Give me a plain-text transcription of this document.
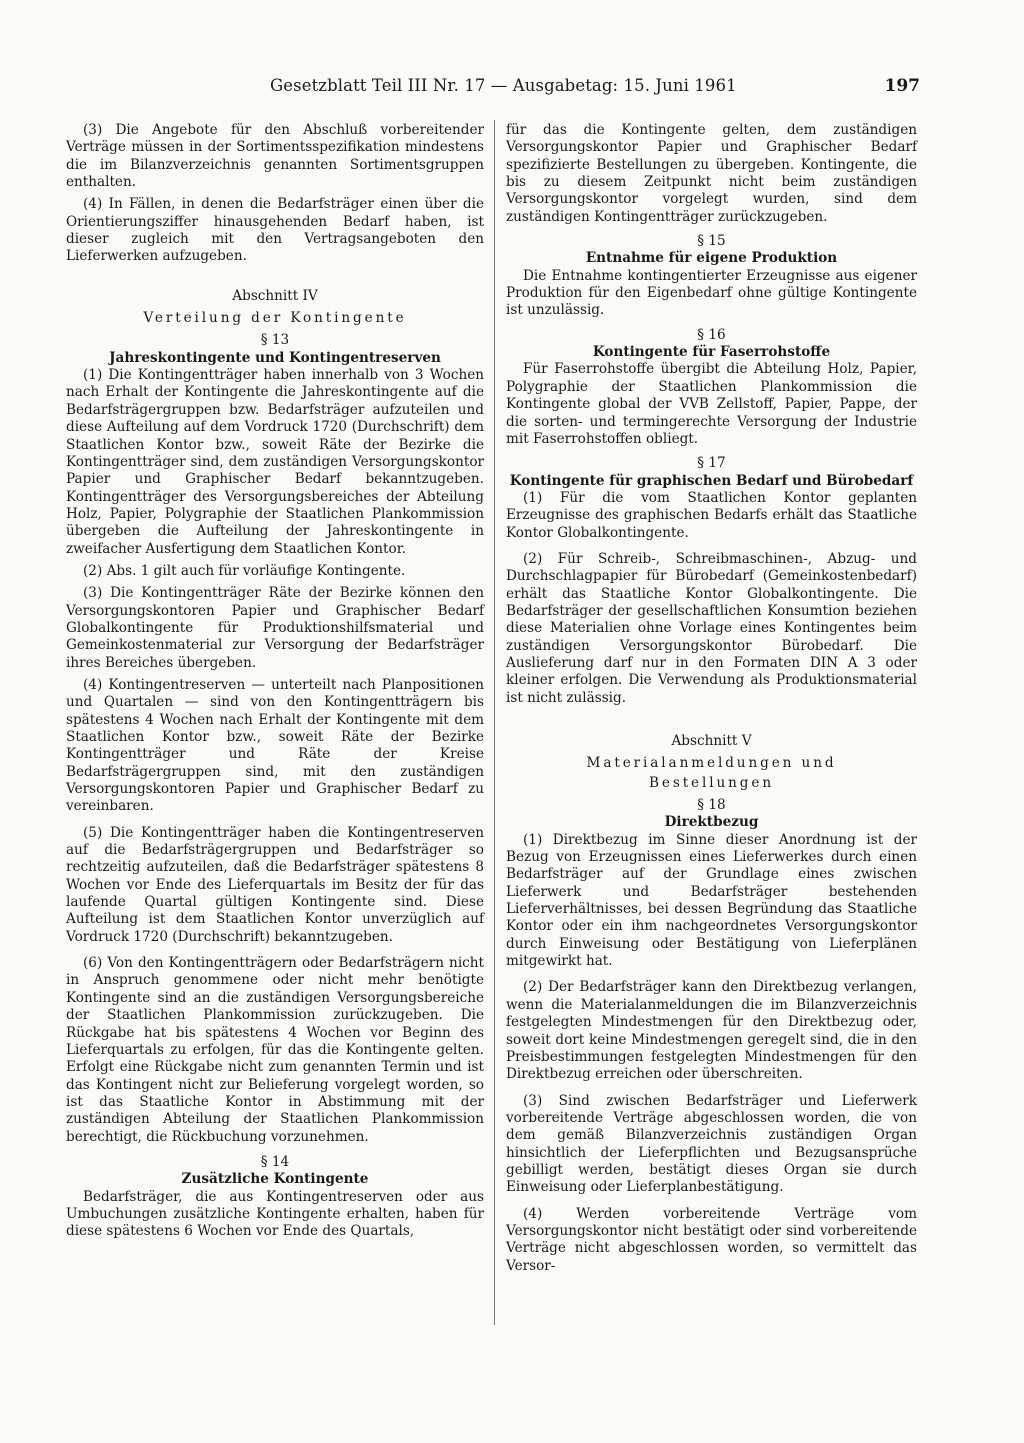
Gesetzblatt Teil III Nr. 17 — Ausgabetag: 15. Juni 1961	197

(3) Die Angebote für den Abschluß vorbereitender Verträge müssen in der Sortimentsspezifikation mindestens die im Bilanzverzeichnis genannten Sortimentsgruppen enthalten.

(4) In Fällen, in denen die Bedarfsträger einen über die Orientierungsziffer hinausgehenden Bedarf haben, ist dieser zugleich mit den Vertragsangeboten den Lieferwerken aufzugeben.

Abschnitt IV

Verteilung der Kontingente

§ 13

Jahreskontingente und Kontingentreserven

(1) Die Kontingentträger haben innerhalb von 3 Wochen nach Erhalt der Kontingente die Jahreskontingente auf die Bedarfsträgergruppen bzw. Bedarfsträger aufzuteilen und diese Aufteilung auf dem Vordruck 1720 (Durchschrift) dem Staatlichen Kontor bzw., soweit Räte der Bezirke die Kontingentträger sind, dem zuständigen Versorgungskontor Papier und Graphischer Bedarf bekanntzugeben. Kontingentträger des Versorgungsbereiches der Abteilung Holz, Papier, Polygraphie der Staatlichen Plankommission übergeben die Aufteilung der Jahreskontingente in zweifacher Ausfertigung dem Staatlichen Kontor.

(2) Abs. 1 gilt auch für vorläufige Kontingente.

(3) Die Kontingentträger Räte der Bezirke können den Versorgungskontoren Papier und Graphischer Bedarf Globalkontingente für Produktionshilfsmaterial und Gemeinkostenmaterial zur Versorgung der Bedarfsträger ihres Bereiches übergeben.

(4) Kontingentreserven — unterteilt nach Planpositionen und Quartalen — sind von den Kontingentträgern bis spätestens 4 Wochen nach Erhalt der Kontingente mit dem Staatlichen Kontor bzw., soweit Räte der Bezirke Kontingentträger und Räte der Kreise Bedarfsträgergruppen sind, mit den zuständigen Versorgungskontoren Papier und Graphischer Bedarf zu vereinbaren.

(5) Die Kontingentträger haben die Kontingentreserven auf die Bedarfsträgergruppen und Bedarfsträger so rechtzeitig aufzuteilen, daß die Bedarfsträger spätestens 8 Wochen vor Ende des Lieferquartals im Besitz der für das laufende Quartal gültigen Kontingente sind. Diese Aufteilung ist dem Staatlichen Kontor unverzüglich auf Vordruck 1720 (Durchschrift) bekanntzugeben.

(6) Von den Kontingentträgern oder Bedarfsträgern nicht in Anspruch genommene oder nicht mehr benötigte Kontingente sind an die zuständigen Versorgungsbereiche der Staatlichen Plankommission zurückzugeben. Die Rückgabe hat bis spätestens 4 Wochen vor Beginn des Lieferquartals zu erfolgen, für das die Kontingente gelten. Erfolgt eine Rückgabe nicht zum genannten Termin und ist das Kontingent nicht zur Belieferung vorgelegt worden, so ist das Staatliche Kontor in Abstimmung mit der zuständigen Abteilung der Staatlichen Plankommission berechtigt, die Rückbuchung vorzunehmen.

§ 14

Zusätzliche Kontingente

Bedarfsträger, die aus Kontingentreserven oder aus Umbuchungen zusätzliche Kontingente erhalten, haben für diese spätestens 6 Wochen vor Ende des Quartals,

für das die Kontingente gelten, dem zuständigen Versorgungskontor Papier und Graphischer Bedarf spezifizierte Bestellungen zu übergeben. Kontingente, die bis zu diesem Zeitpunkt nicht beim zuständigen Versorgungskontor vorgelegt wurden, sind dem zuständigen Kontingentträger zurückzugeben.

§ 15

Entnahme für eigene Produktion

Die Entnahme kontingentierter Erzeugnisse aus eigener Produktion für den Eigenbedarf ohne gültige Kontingente ist unzulässig.

§ 16

Kontingente für Faserrohstoffe

Für Faserrohstoffe übergibt die Abteilung Holz, Papier, Polygraphie der Staatlichen Plankommission die Kontingente global der VVB Zellstoff, Papier, Pappe, der die sorten- und termingerechte Versorgung der Industrie mit Faserrohstoffen obliegt.

§ 17

Kontingente für graphischen Bedarf und Bürobedarf

(1) Für die vom Staatlichen Kontor geplanten Erzeugnisse des graphischen Bedarfs erhält das Staatliche Kontor Globalkontingente.

(2) Für Schreib-, Schreibmaschinen-, Abzug- und Durchschlagpapier für Bürobedarf (Gemeinkostenbedarf) erhält das Staatliche Kontor Globalkontingente. Die Bedarfsträger der gesellschaftlichen Konsumtion beziehen diese Materialien ohne Vorlage eines Kontingentes beim zuständigen Versorgungskontor Bürobedarf. Die Auslieferung darf nur in den Formaten DIN A 3 oder kleiner erfolgen. Die Verwendung als Produktionsmaterial ist nicht zulässig.

Abschnitt V

Materialanmeldungen und

Bestellungen

§ 18

Direktbezug

(1) Direktbezug im Sinne dieser Anordnung ist der Bezug von Erzeugnissen eines Lieferwerkes durch einen Bedarfsträger auf der Grundlage eines zwischen Lieferwerk und Bedarfsträger bestehenden Lieferverhältnisses, bei dessen Begründung das Staatliche Kontor oder ein ihm nachgeordnetes Versorgungskontor durch Einweisung oder Bestätigung von Lieferplänen mitgewirkt hat.

(2) Der Bedarfsträger kann den Direktbezug verlangen, wenn die Materialanmeldungen die im Bilanzverzeichnis festgelegten Mindestmengen für den Direktbezug oder, soweit dort keine Mindestmengen geregelt sind, die in den Preisbestimmungen festgelegten Mindestmengen für den Direktbezug erreichen oder überschreiten.

(3) Sind zwischen Bedarfsträger und Lieferwerk vorbereitende Verträge abgeschlossen worden, die von dem gemäß Bilanzverzeichnis zuständigen Organ hinsichtlich der Lieferpflichten und Bezugsansprüche gebilligt werden, bestätigt dieses Organ sie durch Einweisung oder Lieferplanbestätigung.

(4) Werden vorbereitende Verträge vom Versorgungskontor nicht bestätigt oder sind vorbereitende Verträge nicht abgeschlossen worden, so vermittelt das Versor-
